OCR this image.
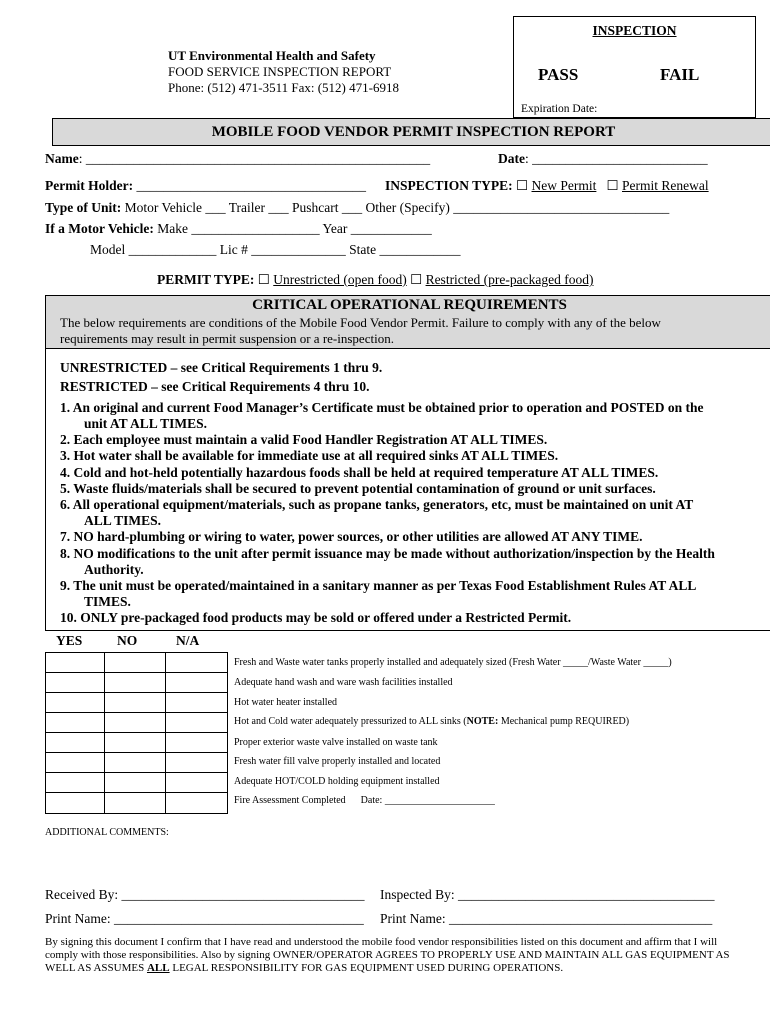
INSPECTION
PASS	FAIL
Expiration Date:
UT Environmental Health and Safety
FOOD SERVICE INSPECTION REPORT
Phone: (512) 471-3511 Fax: (512) 471-6918
MOBILE FOOD VENDOR PERMIT INSPECTION REPORT
Name: ___________________________________________________	Date: __________________________
Permit Holder: __________________________________ INSPECTION TYPE: ☐ New Permit ☐ Permit Renewal
Type of Unit: Motor Vehicle ___ Trailer ___ Pushcart ___ Other (Specify) ________________________________
If a Motor Vehicle: Make ___________________ Year ____________
Model _____________ Lic # ______________ State ____________
PERMIT TYPE: ☐ Unrestricted (open food) ☐ Restricted (pre-packaged food)
CRITICAL OPERATIONAL REQUIREMENTS
The below requirements are conditions of the Mobile Food Vendor Permit. Failure to comply with any of the below
requirements may result in permit suspension or a re-inspection.
UNRESTRICTED – see Critical Requirements 1 thru 9.
RESTRICTED – see Critical Requirements 4 thru 10.
1. An original and current Food Manager’s Certificate must be obtained prior to operation and POSTED on the
unit AT ALL TIMES.
2. Each employee must maintain a valid Food Handler Registration AT ALL TIMES.
3. Hot water shall be available for immediate use at all required sinks AT ALL TIMES.
4. Cold and hot-held potentially hazardous foods shall be held at required temperature AT ALL TIMES.
5. Waste fluids/materials shall be secured to prevent potential contamination of ground or unit surfaces.
6. All operational equipment/materials, such as propane tanks, generators, etc, must be maintained on unit AT
ALL TIMES.
7. NO hard-plumbing or wiring to water, power sources, or other utilities are allowed AT ANY TIME.
8. NO modifications to the unit after permit issuance may be made without authorization/inspection by the Health
Authority.
9. The unit must be operated/maintained in a sanitary manner as per Texas Food Establishment Rules AT ALL
TIMES.
10. ONLY pre-packaged food products may be sold or offered under a Restricted Permit.
YES	NO	N/A
Fresh and Waste water tanks properly installed and adequately sized (Fresh Water _____/Waste Water _____)
Adequate hand wash and ware wash facilities installed
Hot water heater installed
Hot and Cold water adequately pressurized to ALL sinks (NOTE: Mechanical pump REQUIRED)
Proper exterior waste valve installed on waste tank
Fresh water fill valve properly installed and located
Adequate HOT/COLD holding equipment installed
Fire Assessment Completed Date: ______________________
ADDITIONAL COMMENTS:
Received By: ____________________________________ Inspected By: ______________________________________
Print Name: _____________________________________ Print Name: _______________________________________
By signing this document I confirm that I have read and understood the mobile food vendor responsibilities listed on this document and affirm that I will comply with those responsibilities. Also by signing OWNER/OPERATOR AGREES TO PROPERLY USE AND MAINTAIN ALL GAS EQUIPMENT AS WELL AS ASSUMES ALL LEGAL RESPONSIBILITY FOR GAS EQUIPMENT USED DURING OPERATIONS.
